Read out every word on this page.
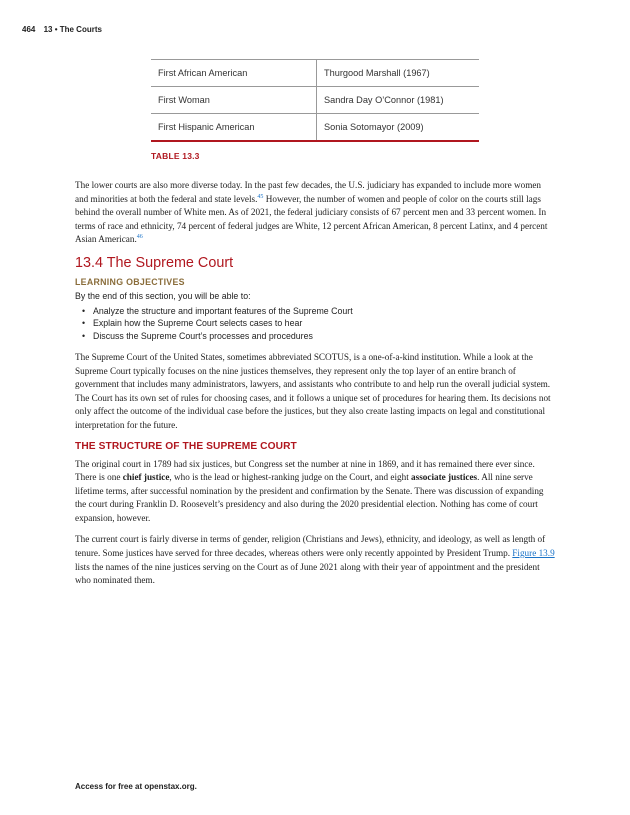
464 13 • The Courts
First African American	Thurgood Marshall (1967)
First Woman	Sandra Day O’Connor (1981)
First Hispanic American	Sonia Sotomayor (2009)
TABLE 13.3

The lower courts are also more diverse today. In the past few decades, the U.S. judiciary has expanded to include more women and minorities at both the federal and state levels.$^{45}$ However, the number of women and people of color on the courts still lags behind the overall number of White men. As of 2021, the federal judiciary consists of 67 percent men and 33 percent women. In terms of race and ethnicity, 74 percent of federal judges are White, 12 percent African American, 8 percent Latinx, and 4 percent Asian American.$^{46}$

13.4 The Supreme Court
LEARNING OBJECTIVES
By the end of this section, you will be able to:
• Analyze the structure and important features of the Supreme Court
• Explain how the Supreme Court selects cases to hear
• Discuss the Supreme Court’s processes and procedures

The Supreme Court of the United States, sometimes abbreviated SCOTUS, is a one-of-a-kind institution. While a look at the Supreme Court typically focuses on the nine justices themselves, they represent only the top layer of an entire branch of government that includes many administrators, lawyers, and assistants who contribute to and help run the overall judicial system. The Court has its own set of rules for choosing cases, and it follows a unique set of procedures for hearing them. Its decisions not only affect the outcome of the individual case before the justices, but they also create lasting impacts on legal and constitutional interpretation for the future.

THE STRUCTURE OF THE SUPREME COURT

The original court in 1789 had six justices, but Congress set the number at nine in 1869, and it has remained there ever since. There is one chief justice, who is the lead or highest-ranking judge on the Court, and eight associate justices. All nine serve lifetime terms, after successful nomination by the president and confirmation by the Senate. There was discussion of expanding the court during Franklin D. Roosevelt’s presidency and also during the 2020 presidential election. Nothing has come of court expansion, however.

The current court is fairly diverse in terms of gender, religion (Christians and Jews), ethnicity, and ideology, as well as length of tenure. Some justices have served for three decades, whereas others were only recently appointed by President Trump. Figure 13.9 lists the names of the nine justices serving on the Court as of June 2021 along with their year of appointment and the president who nominated them.

Access for free at openstax.org.
